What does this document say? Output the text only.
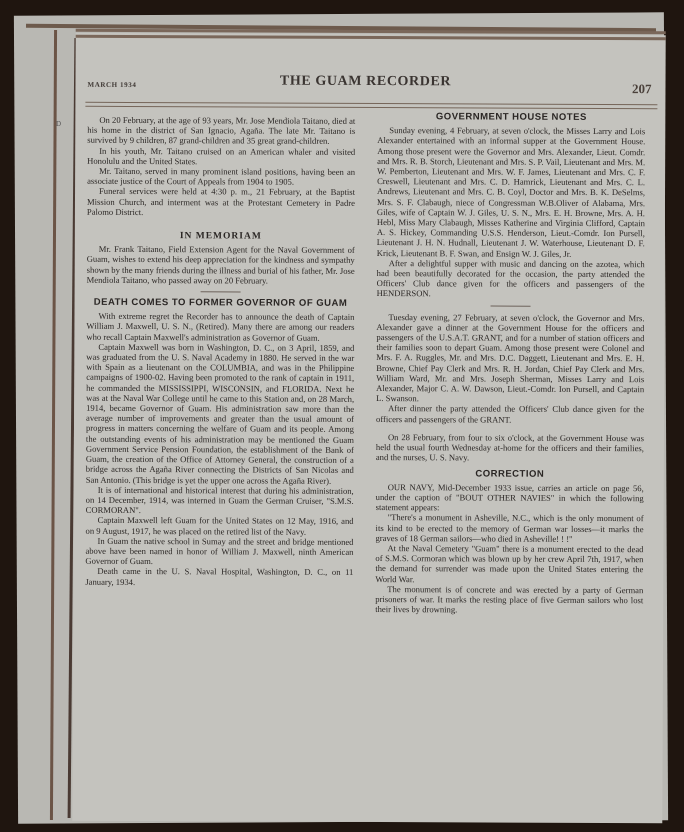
D
MARCH 1934	THE GUAM RECORDER	207

On 20 February, at the age of 93 years, Mr. Jose Mendiola Taitano, died at his home in the district of San Ignacio, Agaña. The late Mr. Taitano is survived by 9 children, 87 grand-children and 35 great grand-children.

In his youth, Mr. Taitano cruised on an American whaler and visited Honolulu and the United States.

Mr. Taitano, served in many prominent island positions, having been an associate justice of the Court of Appeals from 1904 to 1905.

Funeral services were held at 4:30 p. m., 21 February, at the Baptist Mission Church, and interment was at the Protestant Cemetery in Padre Palomo District.

IN MEMORIAM

Mr. Frank Taitano, Field Extension Agent for the Naval Government of Guam, wishes to extend his deep appreciation for the kindness and sympathy shown by the many friends during the illness and burial of his father, Mr. Jose Mendiola Taitano, who passed away on 20 February.

DEATH COMES TO FORMER GOVERNOR OF GUAM

With extreme regret the Recorder has to announce the death of Captain William J. Maxwell, U. S. N., (Retired). Many there are among our readers who recall Captain Maxwell's administration as Governor of Guam.

Captain Maxwell was born in Washington, D. C., on 3 April, 1859, and was graduated from the U. S. Naval Academy in 1880. He served in the war with Spain as a lieutenant on the COLUMBIA, and was in the Philippine campaigns of 1900-02. Having been promoted to the rank of captain in 1911, he commanded the MISSISSIPPI, WISCONSIN, and FLORIDA. Next he was at the Naval War College until he came to this Station and, on 28 March, 1914, became Governor of Guam. His administration saw more than the average number of improvements and greater than the usual amount of progress in matters concerning the welfare of Guam and its people. Among the outstanding events of his administration may be mentioned the Guam Government Service Pension Foundation, the establishment of the Bank of Guam, the creation of the Office of Attorney General, the construction of a bridge across the Agaña River connecting the Districts of San Nicolas and San Antonio. (This bridge is yet the upper one across the Agaña River).

It is of international and historical interest that during his administration, on 14 December, 1914, was interned in Guam the German Cruiser, "S.M.S. CORMORAN".

Captain Maxwell left Guam for the United States on 12 May, 1916, and on 9 August, 1917, he was placed on the retired list of the Navy.

In Guam the native school in Sumay and the street and bridge mentioned above have been named in honor of William J. Maxwell, ninth American Governor of Guam.

Death came in the U. S. Naval Hospital, Washington, D. C., on 11 January, 1934.

GOVERNMENT HOUSE NOTES

Sunday evening, 4 February, at seven o'clock, the Misses Larry and Lois Alexander entertained with an informal supper at the Government House. Among those present were the Governor and Mrs. Alexander, Lieut. Comdr. and Mrs. R. B. Storch, Lieutenant and Mrs. S. P. Vail, Lieutenant and Mrs. M. W. Pemberton, Lieutenant and Mrs. W. F. James, Lieutenant and Mrs. C. F. Creswell, Lieutenant and Mrs. C. D. Hamrick, Lieutenant and Mrs. C. L. Andrews, Lieutenant and Mrs. C. B. Coyl, Doctor and Mrs. B. K. DeSelms, Mrs. S. F. Clabaugh, niece of Congressman W.B.Oliver of Alabama, Mrs. Giles, wife of Captain W. J. Giles, U. S. N., Mrs. E. H. Browne, Mrs. A. H. Hebl, Miss Mary Clabaugh, Misses Katherine and Virginia Clifford, Captain A. S. Hickey, Commanding U.S.S. Henderson, Lieut.-Comdr. Ion Pursell, Lieutenant J. H. N. Hudnall, Lieutenant J. W. Waterhouse, Lieutenant D. F. Krick, Lieutenant B. F. Swan, and Ensign W. J. Giles, Jr.

After a delightful supper with music and dancing on the azotea, which had been beautifully decorated for the occasion, the party attended the Officers' Club dance given for the officers and passengers of the HENDERSON.

Tuesday evening, 27 February, at seven o'clock, the Governor and Mrs. Alexander gave a dinner at the Government House for the officers and passengers of the U.S.A.T. GRANT, and for a number of station officers and their families soon to depart Guam. Among those present were Colonel and Mrs. F. A. Ruggles, Mr. and Mrs. D.C. Daggett, Lieutenant and Mrs. E. H. Browne, Chief Pay Clerk and Mrs. R. H. Jordan, Chief Pay Clerk and Mrs. William Ward, Mr. and Mrs. Joseph Sherman, Misses Larry and Lois Alexander, Major C. A. W. Dawson, Lieut.-Comdr. Ion Pursell, and Captain L. Swanson.

After dinner the party attended the Officers' Club dance given for the officers and passengers of the GRANT.

On 28 February, from four to six o'clock, at the Government House was held the usual fourth Wednesday at-home for the officers and their families, and the nurses, U. S. Navy.

CORRECTION

OUR NAVY, Mid-December 1933 issue, carries an article on page 56, under the caption of "BOUT OTHER NAVIES" in which the following statement appears:

"There's a monument in Asheville, N.C., which is the only monument of its kind to be erected to the memory of German war losses—it marks the graves of 18 German sailors—who died in Asheville! ! !"

At the Naval Cemetery "Guam" there is a monument erected to the dead of S.M.S. Cormoran which was blown up by her crew April 7th, 1917, when the demand for surrender was made upon the United States entering the World War.

The monument is of concrete and was erected by a party of German prisoners of war. It marks the resting place of five German sailors who lost their lives by drowning.
